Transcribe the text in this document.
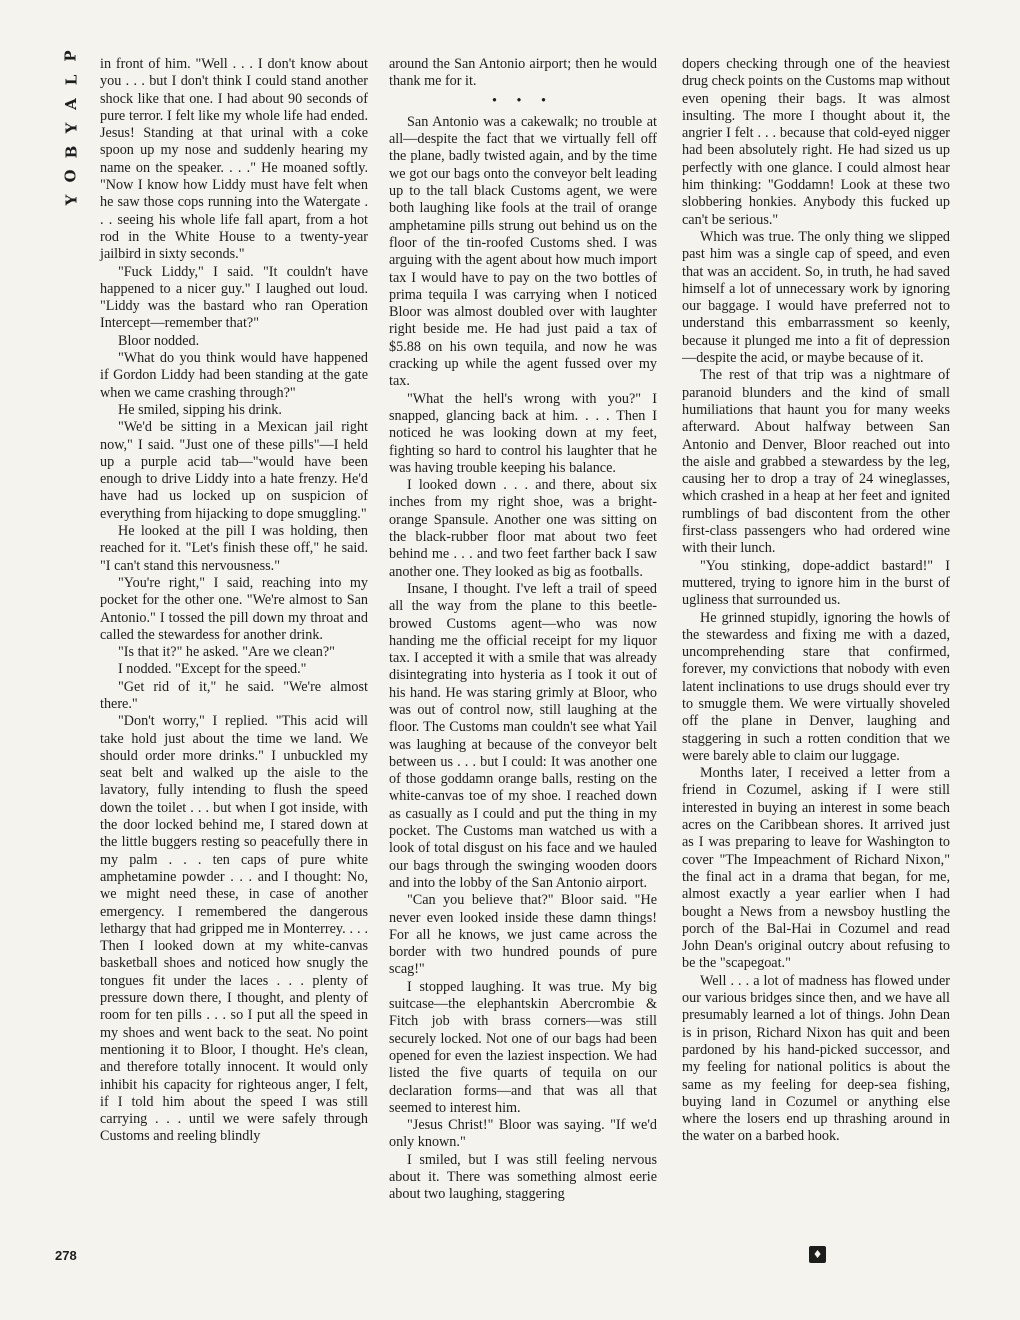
P
L
A
Y
B
O
Y

in front of him. "Well . . . I don't know about you . . . but I don't think I could stand another shock like that one. I had about 90 seconds of pure terror. I felt like my whole life had ended. Jesus! Standing at that urinal with a coke spoon up my nose and suddenly hearing my name on the speaker. . . ." He moaned softly. "Now I know how Liddy must have felt when he saw those cops running into the Watergate . . . seeing his whole life fall apart, from a hot rod in the White House to a twenty-year jailbird in sixty seconds."

"Fuck Liddy," I said. "It couldn't have happened to a nicer guy." I laughed out loud. "Liddy was the bastard who ran Operation Intercept—remember that?"

Bloor nodded.

"What do you think would have happened if Gordon Liddy had been standing at the gate when we came crashing through?"

He smiled, sipping his drink.

"We'd be sitting in a Mexican jail right now," I said. "Just one of these pills"—I held up a purple acid tab—"would have been enough to drive Liddy into a hate frenzy. He'd have had us locked up on suspicion of everything from hijacking to dope smuggling."

He looked at the pill I was holding, then reached for it. "Let's finish these off," he said. "I can't stand this nervousness."

"You're right," I said, reaching into my pocket for the other one. "We're almost to San Antonio." I tossed the pill down my throat and called the stewardess for another drink.

"Is that it?" he asked. "Are we clean?"

I nodded. "Except for the speed."

"Get rid of it," he said. "We're almost there."

"Don't worry," I replied. "This acid will take hold just about the time we land. We should order more drinks." I unbuckled my seat belt and walked up the aisle to the lavatory, fully intending to flush the speed down the toilet . . . but when I got inside, with the door locked behind me, I stared down at the little buggers resting so peacefully there in my palm . . . ten caps of pure white amphetamine powder . . . and I thought: No, we might need these, in case of another emergency. I remembered the dangerous lethargy that had gripped me in Monterrey. . . . Then I looked down at my white-canvas basketball shoes and noticed how snugly the tongues fit under the laces . . . plenty of pressure down there, I thought, and plenty of room for ten pills . . . so I put all the speed in my shoes and went back to the seat. No point mentioning it to Bloor, I thought. He's clean, and therefore totally innocent. It would only inhibit his capacity for righteous anger, I felt, if I told him about the speed I was still carrying . . . until we were safely through Customs and reeling blindly

around the San Antonio airport; then he would thank me for it.

• • •

San Antonio was a cakewalk; no trouble at all—despite the fact that we virtually fell off the plane, badly twisted again, and by the time we got our bags onto the conveyor belt leading up to the tall black Customs agent, we were both laughing like fools at the trail of orange amphetamine pills strung out behind us on the floor of the tin-roofed Customs shed. I was arguing with the agent about how much import tax I would have to pay on the two bottles of prima tequila I was carrying when I noticed Bloor was almost doubled over with laughter right beside me. He had just paid a tax of $5.88 on his own tequila, and now he was cracking up while the agent fussed over my tax.

"What the hell's wrong with you?" I snapped, glancing back at him. . . . Then I noticed he was looking down at my feet, fighting so hard to control his laughter that he was having trouble keeping his balance.

I looked down . . . and there, about six inches from my right shoe, was a bright-orange Spansule. Another one was sitting on the black-rubber floor mat about two feet behind me . . . and two feet farther back I saw another one. They looked as big as footballs.

Insane, I thought. I've left a trail of speed all the way from the plane to this beetle-browed Customs agent—who was now handing me the official receipt for my liquor tax. I accepted it with a smile that was already disintegrating into hysteria as I took it out of his hand. He was staring grimly at Bloor, who was out of control now, still laughing at the floor. The Customs man couldn't see what Yail was laughing at because of the conveyor belt between us . . . but I could: It was another one of those goddamn orange balls, resting on the white-canvas toe of my shoe. I reached down as casually as I could and put the thing in my pocket. The Customs man watched us with a look of total disgust on his face and we hauled our bags through the swinging wooden doors and into the lobby of the San Antonio airport.

"Can you believe that?" Bloor said. "He never even looked inside these damn things! For all he knows, we just came across the border with two hundred pounds of pure scag!"

I stopped laughing. It was true. My big suitcase—the elephantskin Abercrombie & Fitch job with brass corners—was still securely locked. Not one of our bags had been opened for even the laziest inspection. We had listed the five quarts of tequila on our declaration forms—and that was all that seemed to interest him.

"Jesus Christ!" Bloor was saying. "If we'd only known."

I smiled, but I was still feeling nervous about it. There was something almost eerie about two laughing, staggering

dopers checking through one of the heaviest drug check points on the Customs map without even opening their bags. It was almost insulting. The more I thought about it, the angrier I felt . . . because that cold-eyed nigger had been absolutely right. He had sized us up perfectly with one glance. I could almost hear him thinking: "Goddamn! Look at these two slobbering honkies. Anybody this fucked up can't be serious."

Which was true. The only thing we slipped past him was a single cap of speed, and even that was an accident. So, in truth, he had saved himself a lot of unnecessary work by ignoring our baggage. I would have preferred not to understand this embarrassment so keenly, because it plunged me into a fit of depression—despite the acid, or maybe because of it.

The rest of that trip was a nightmare of paranoid blunders and the kind of small humiliations that haunt you for many weeks afterward. About halfway between San Antonio and Denver, Bloor reached out into the aisle and grabbed a stewardess by the leg, causing her to drop a tray of 24 wineglasses, which crashed in a heap at her feet and ignited rumblings of bad discontent from the other first-class passengers who had ordered wine with their lunch.

"You stinking, dope-addict bastard!" I muttered, trying to ignore him in the burst of ugliness that surrounded us.

He grinned stupidly, ignoring the howls of the stewardess and fixing me with a dazed, uncomprehending stare that confirmed, forever, my convictions that nobody with even latent inclinations to use drugs should ever try to smuggle them. We were virtually shoveled off the plane in Denver, laughing and staggering in such a rotten condition that we were barely able to claim our luggage.

Months later, I received a letter from a friend in Cozumel, asking if I were still interested in buying an interest in some beach acres on the Caribbean shores. It arrived just as I was preparing to leave for Washington to cover "The Impeachment of Richard Nixon," the final act in a drama that began, for me, almost exactly a year earlier when I had bought a News from a newsboy hustling the porch of the Bal-Hai in Cozumel and read John Dean's original outcry about refusing to be the "scapegoat."

Well . . . a lot of madness has flowed under our various bridges since then, and we have all presumably learned a lot of things. John Dean is in prison, Richard Nixon has quit and been pardoned by his hand-picked successor, and my feeling for national politics is about the same as my feeling for deep-sea fishing, buying land in Cozumel or anything else where the losers end up thrashing around in the water on a barbed hook.

278	♦
